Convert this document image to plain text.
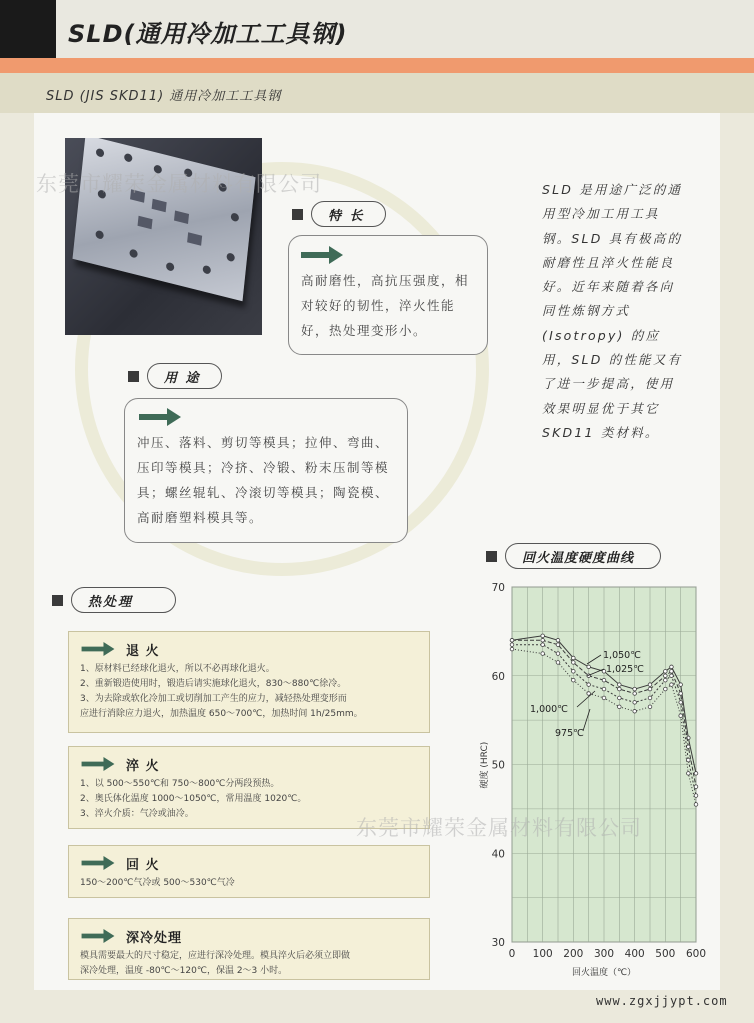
SLD(通用冷加工工具钢)
SLD (JIS SKD11) 通用冷加工工具钢
东莞市耀荣金属材料有限公司
特 长
高耐磨性，高抗压强度，相对较好的韧性，淬火性能好，热处理变形小。
用 途
冲压、落料、剪切等模具；拉伸、弯曲、压印等模具；冷挤、冷锻、粉末压制等模具；螺丝辊轧、冷滚切等模具；陶瓷模、高耐磨塑料模具等。
SLD 是用途广泛的通用型冷加工用工具钢。SLD 具有极高的耐磨性且淬火性能良好。近年来随着各向同性炼钢方式 (Isotropy) 的应用，SLD 的性能又有了进一步提高，使用效果明显优于其它 SKD11 类材料。
热处理
退 火
1、原材料已经球化退火，所以不必再球化退火。
2、重新锻造使用时，锻造后请实施球化退火，830～880℃徐冷。
3、为去除或软化冷加工或切削加工产生的应力，减轻热处理变形而
应进行消除应力退火，加热温度 650～700℃，加热时间 1h/25mm。
淬 火
1、以 500～550℃和 750～800℃分两段预热。
2、奥氏体化温度 1000～1050℃，常用温度 1020℃。
3、淬火介质：气冷或油冷。
回 火
150～200℃气冷或 500～530℃气冷
深冷处理
模具需要最大的尺寸稳定，应进行深冷处理。模具淬火后必须立即做
深冷处理，温度 -80℃～120℃，保温 2～3 小时。
回火温度硬度曲线
0 100 200 300 400 500 600
30
40
50
60
70
1,050℃
1,025℃
1,000℃
975℃
硬度 (HRC)
回火温度（℃）
东莞市耀荣金属材料有限公司
www.zgxjjypt.com
